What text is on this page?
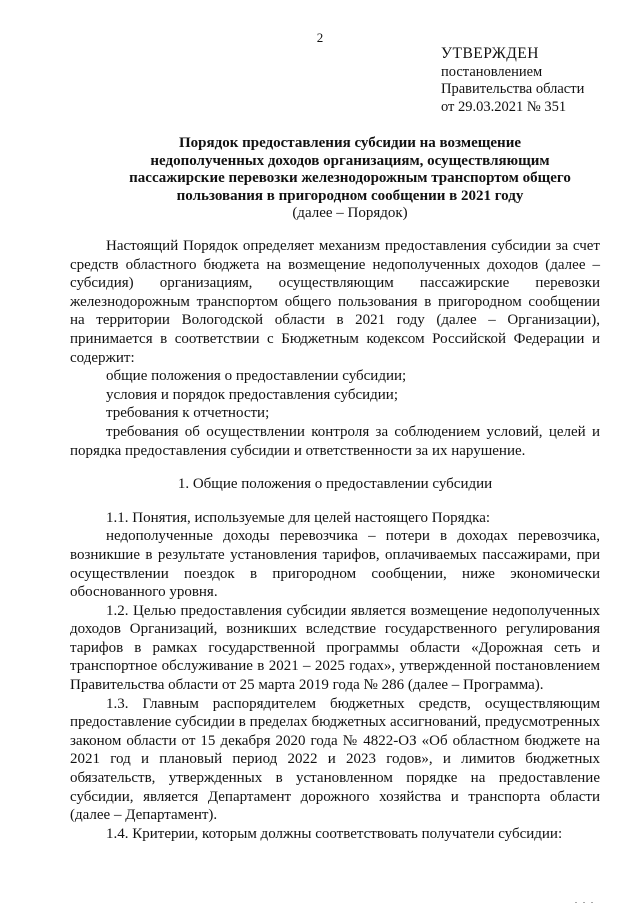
2
УТВЕРЖДЕН
постановлением
Правительства области
от 29.03.2021 № 351
Порядок предоставления субсидии на возмещение
недополученных доходов организациям, осуществляющим
пассажирские перевозки железнодорожным транспортом общего
пользования в пригородном сообщении в 2021 году
(далее – Порядок)

Настоящий Порядок определяет механизм предоставления субсидии за счет средств областного бюджета на возмещение недополученных доходов (далее – субсидия) организациям, осуществляющим пассажирские перевозки железнодорожным транспортом общего пользования в пригородном сообщении на территории Вологодской области в 2021 году (далее – Организации), принимается в соответствии с Бюджетным кодексом Российской Федерации и содержит:

общие положения о предоставлении субсидии;

условия и порядок предоставления субсидии;

требования к отчетности;

требования об осуществлении контроля за соблюдением условий, целей и порядка предоставления субсидии и ответственности за их нарушение.

1. Общие положения о предоставлении субсидии

1.1. Понятия, используемые для целей настоящего Порядка:

недополученные доходы перевозчика – потери в доходах перевозчика, возникшие в результате установления тарифов, оплачиваемых пассажирами, при осуществлении поездок в пригородном сообщении, ниже экономически обоснованного уровня.

1.2. Целью предоставления субсидии является возмещение недополученных доходов Организаций, возникших вследствие государственного регулирования тарифов в рамках государственной программы области «Дорожная сеть и транспортное обслуживание в 2021 – 2025 годах», утвержденной постановлением Правительства области от 25 марта 2019 года № 286 (далее – Программа).

1.3. Главным распорядителем бюджетных средств, осуществляющим предоставление субсидии в пределах бюджетных ассигнований, предусмотренных законом области от 15 декабря 2020 года № 4822-ОЗ «Об областном бюджете на 2021 год и плановый период 2022 и 2023 годов», и лимитов бюджетных обязательств, утвержденных в установленном порядке на предоставление субсидии, является Департамент дорожного хозяйства и транспорта области (далее – Департамент).

1.4. Критерии, которым должны соответствовать получатели субсидии:

. . .
